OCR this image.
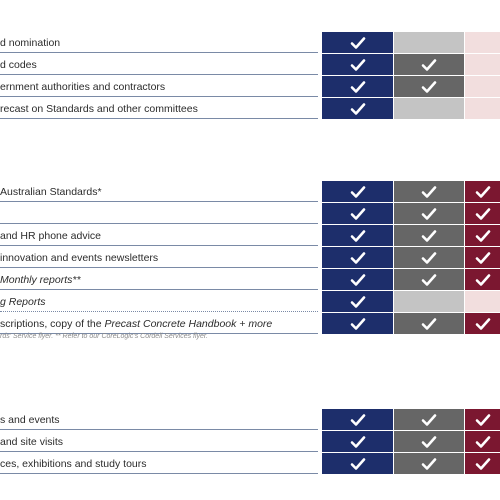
d nomination
d codes
ernment authorities and contractors
recast on Standards and other committees
Australian Standards*
and HR phone advice
innovation and events newsletters
Monthly reports**
g Reports
scriptions, copy of the Precast Concrete Handbook + more
rds' Service flyer. ** Refer to our CoreLogic's Cordell Services flyer.
s and events
and site visits
ces, exhibitions and study tours
